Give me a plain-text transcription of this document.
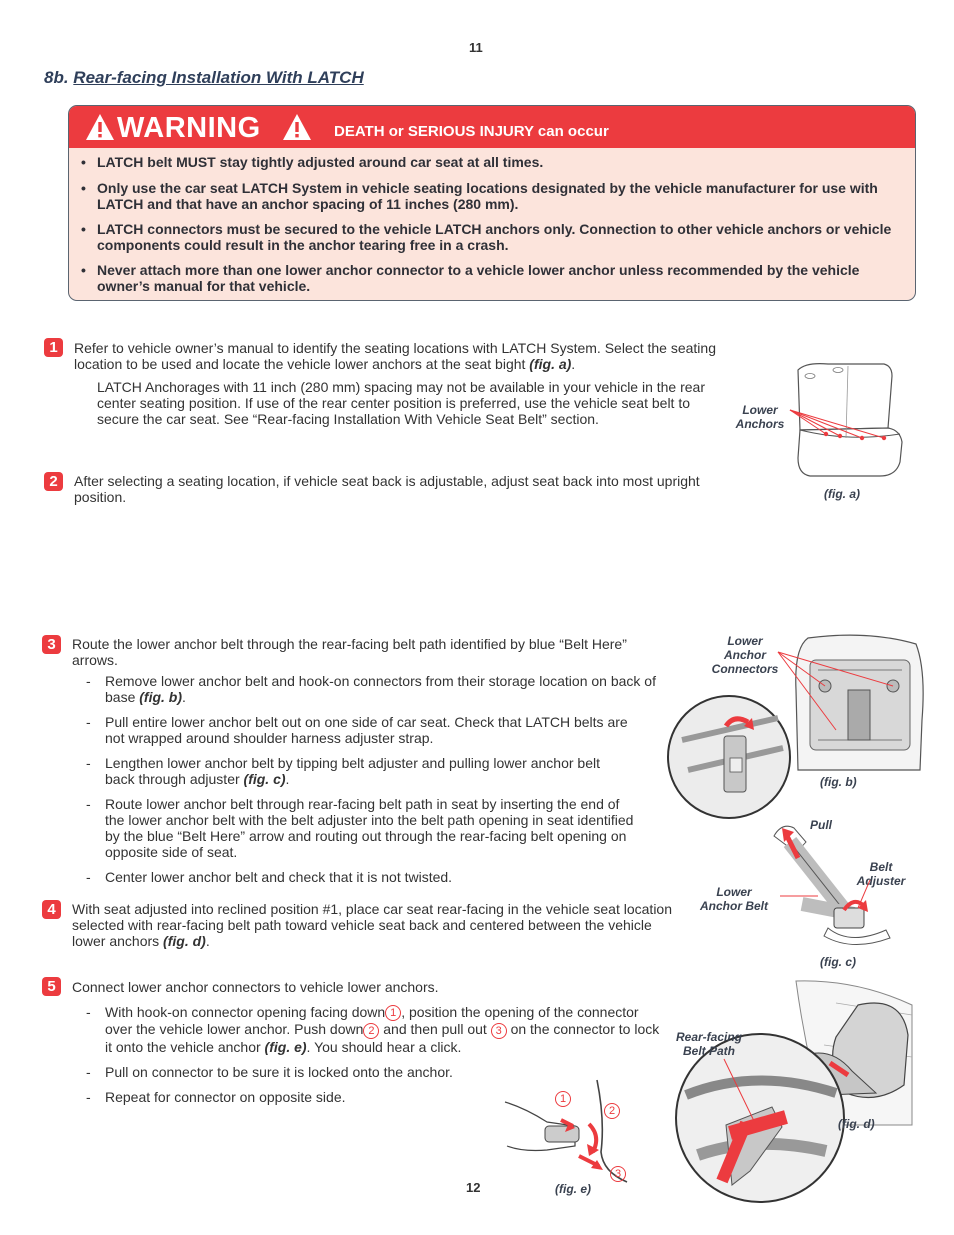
11
12
8b. Rear-facing Installation With LATCH
WARNING	DEATH or SERIOUS INJURY can occur
• LATCH belt MUST stay tightly adjusted around car seat at all times.
• Only use the car seat LATCH System in vehicle seating locations designated by the vehicle manufacturer for use with LATCH and that have an anchor spacing of 11 inches (280 mm).
• LATCH connectors must be secured to the vehicle LATCH anchors only. Connection to other vehicle anchors or vehicle components could result in the anchor tearing free in a crash.
• Never attach more than one lower anchor connector to a vehicle lower anchor unless recommended by the vehicle owner’s manual for that vehicle.
1	Refer to vehicle owner’s manual to identify the seating locations with LATCH System. Select the seating location to be used and locate the vehicle lower anchors at the seat bight (fig. a).
LATCH Anchorages with 11 inch (280 mm) spacing may not be available in your vehicle in the rear center seating position. If use of the rear center position is preferred, use the vehicle seat belt to secure the car seat. See “Rear-facing Installation With Vehicle Seat Belt” section.
2	After selecting a seating location, if vehicle seat back is adjustable, adjust seat back into most upright position.
Lower
Anchors
(fig. a)
3	Route the lower anchor belt through the rear-facing belt path identified by blue “Belt Here” arrows.
- Remove lower anchor belt and hook-on connectors from their storage location on back of base (fig. b).
- Pull entire lower anchor belt out on one side of car seat. Check that LATCH belts are not wrapped around shoulder harness adjuster strap.
- Lengthen lower anchor belt by tipping belt adjuster and pulling lower anchor belt back through adjuster (fig. c).
- Route lower anchor belt through rear-facing belt path in seat by inserting the end of the lower anchor belt with the belt adjuster into the belt path opening in seat identified by the blue “Belt Here” arrow and routing out through the rear-facing belt opening on opposite side of seat.
- Center lower anchor belt and check that it is not twisted.
Lower
Anchor
Connectors
(fig. b)
Pull
Belt
Adjuster
Lower
Anchor Belt
(fig. c)
4	With seat adjusted into reclined position #1, place car seat rear-facing in the vehicle seat location selected with rear-facing belt path toward vehicle seat back and centered between the vehicle lower anchors (fig. d).
5	Connect lower anchor connectors to vehicle lower anchors.
- With hook-on connector opening facing down 1 , position the opening of the connector over the vehicle lower anchor. Push down 2 and then pull out 3 on the connector to lock it onto the vehicle anchor (fig. e). You should hear a click.
- Pull on connector to be sure it is locked onto the anchor.
- Repeat for connector on opposite side.
Rear-facing
Belt Path
(fig. d)
1
2
3
(fig. e)
